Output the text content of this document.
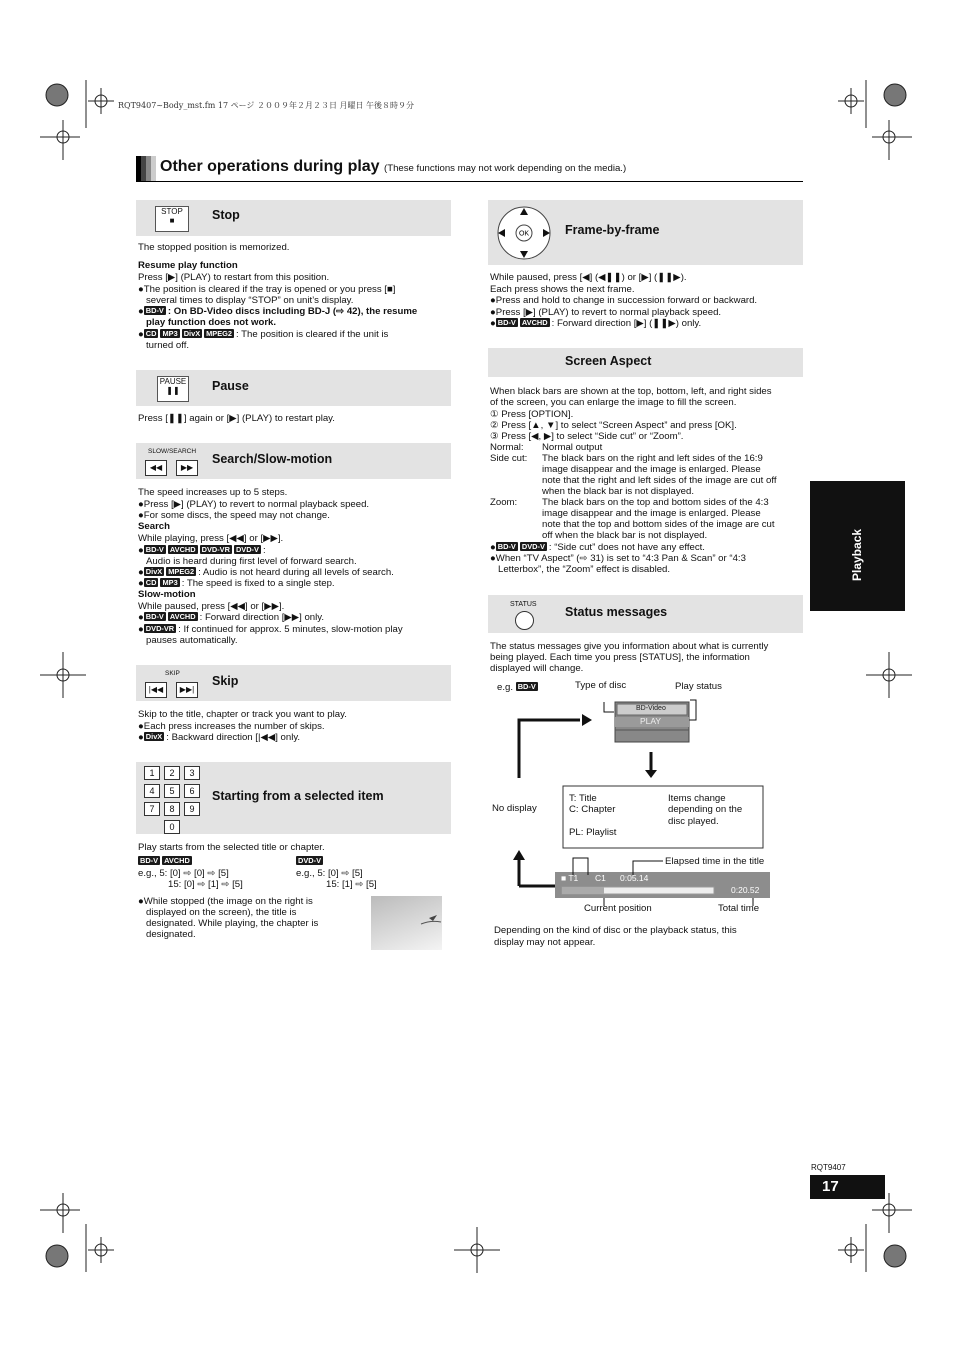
RQT9407~Body_mst.fm 17 ページ ２００９年２月２３日 月曜日 午後８時９分
Other operations during play (These functions may not work depending on the media.)
Playback
STOP
■	Stop
The stopped position is memorized.
Resume play function
Press [▶] (PLAY) to restart from this position.
●The position is cleared if the tray is opened or you press [■]
several times to display “STOP” on unit’s display.
● BD-V : On BD-Video discs including BD-J (⇨ 42), the resume
play function does not work.
● CD MP3 DivX MPEG2 : The position is cleared if the unit is
turned off.
PAUSE
❚❚	Pause
Press [❚❚] again or [▶] (PLAY) to restart play.
SLOW/SEARCH
◀◀	▶▶
Search/Slow-motion
The speed increases up to 5 steps.
●Press [▶] (PLAY) to revert to normal playback speed.
●For some discs, the speed may not change.
Search
While playing, press [◀◀] or [▶▶].
● BD-V AVCHD DVD-VR DVD-V :
Audio is heard during first level of forward search.
● DivX MPEG2 : Audio is not heard during all levels of search.
● CD MP3 : The speed is fixed to a single step.
Slow-motion
While paused, press [◀◀] or [▶▶].
● BD-V AVCHD : Forward direction [▶▶] only.
● DVD-VR : If continued for approx. 5 minutes, slow-motion play
pauses automatically.
SKIP
|◀◀	▶▶|
Skip
Skip to the title, chapter or track you want to play.
●Each press increases the number of skips.
● DivX : Backward direction [|◀◀] only.
1	2	3
4	5	6
7	8	9
0
Starting from a selected item
Play starts from the selected title or chapter.
BD-V AVCHD
e.g., 5: [0] ⇨ [0] ⇨ [5]
15: [0] ⇨ [1] ⇨ [5]
DVD-V
e.g., 5: [0] ⇨ [5]
15: [1] ⇨ [5]
●While stopped (the image on the right is
displayed on the screen), the title is
designated. While playing, the chapter is
designated.
OK	Frame-by-frame
While paused, press [◀] (◀❚❚) or [▶] (❚❚▶).
Each press shows the next frame.
●Press and hold to change in succession forward or backward.
●Press [▶] (PLAY) to revert to normal playback speed.
● BD-V AVCHD : Forward direction [▶] (❚❚▶) only.
Screen Aspect
When black bars are shown at the top, bottom, left, and right sides
of the screen, you can enlarge the image to fill the screen.
① Press [OPTION].
② Press [▲, ▼] to select “Screen Aspect” and press [OK].
③ Press [◀, ▶] to select “Side cut” or “Zoom”.
Normal: Normal output
Side cut: The black bars on the right and left sides of the 16:9
image disappear and the image is enlarged. Please
note that the right and left sides of the image are cut off
when the black bar is not displayed.
Zoom:	The black bars on the top and bottom sides of the 4:3
image disappear and the image is enlarged. Please
note that the top and bottom sides of the image are cut
off when the black bar is not displayed.
● BD-V DVD-V : “Side cut” does not have any effect.
●When “TV Aspect” (⇨ 31) is set to “4:3 Pan & Scan” or “4:3
Letterbox”, the “Zoom” effect is disabled.
STATUS
Status messages
The status messages give you information about what is currently
being played. Each time you press [STATUS], the information
displayed will change.
e.g. BD-V	Type of disc	Play status
BD-Video
PLAY
No display
T: Title
C: Chapter
PL: Playlist
Items change
depending on the
disc played.
Elapsed time in the title
■ T1 C1 0:05.14
0:20.52
Current position	Total time
Depending on the kind of disc or the playback status, this
display may not appear.
RQT9407
17
